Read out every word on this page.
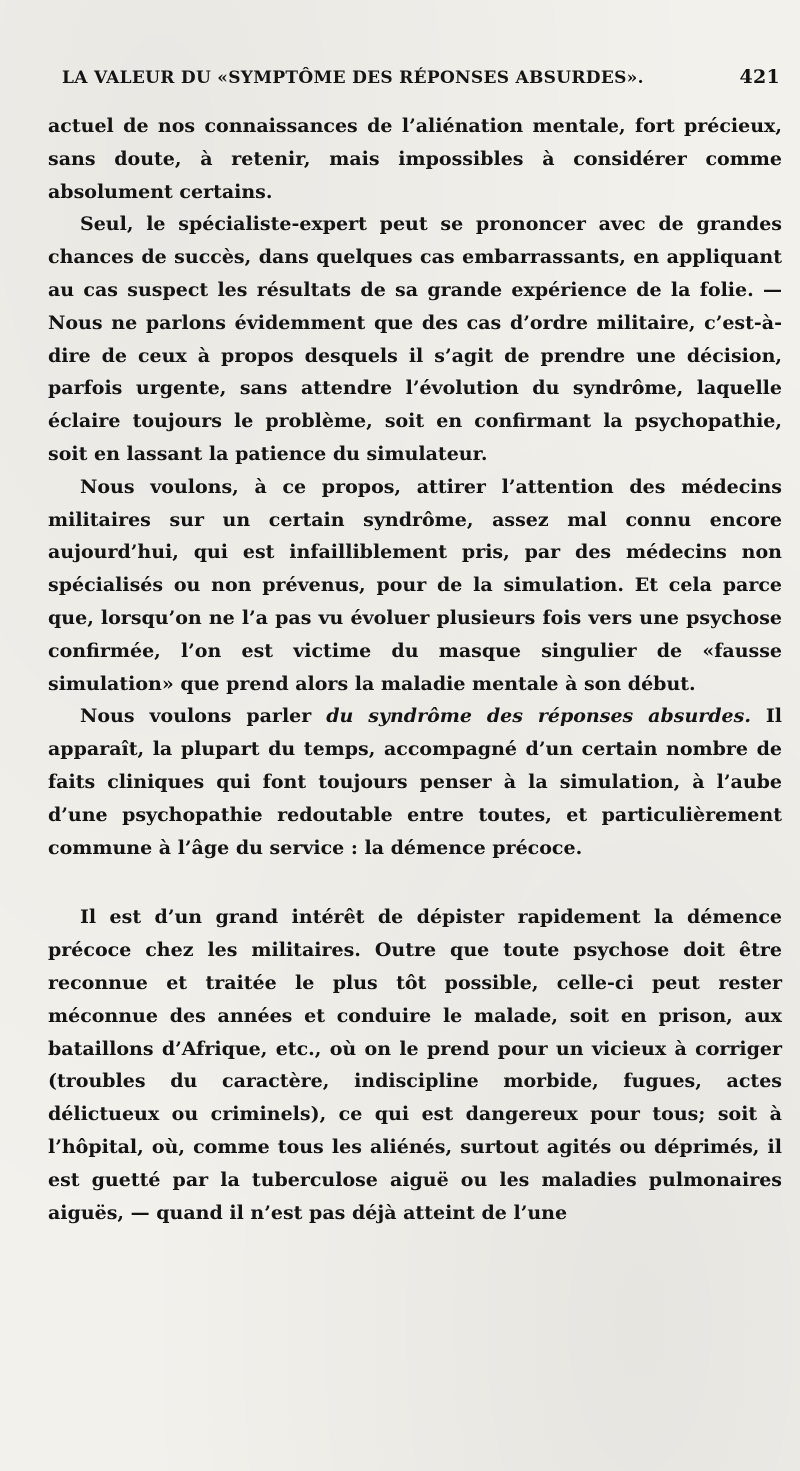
LA VALEUR DU «SYMPTÔME DES RÉPONSES ABSURDES».	421

actuel de nos connaissances de l’aliénation mentale, fort précieux, sans doute, à retenir, mais impossibles à considérer comme absolument certains.

Seul, le spécialiste-expert peut se prononcer avec de grandes chances de succès, dans quelques cas embarrassants, en appliquant au cas suspect les résultats de sa grande expérience de la folie. — Nous ne parlons évidemment que des cas d’ordre militaire, c’est-à-dire de ceux à propos desquels il s’agit de prendre une décision, parfois urgente, sans attendre l’évolution du syndrôme, laquelle éclaire toujours le problème, soit en confirmant la psychopathie, soit en lassant la patience du simulateur.

Nous voulons, à ce propos, attirer l’attention des médecins militaires sur un certain syndrôme, assez mal connu encore aujourd’hui, qui est infailliblement pris, par des médecins non spécialisés ou non prévenus, pour de la simulation. Et cela parce que, lorsqu’on ne l’a pas vu évoluer plusieurs fois vers une psychose confirmée, l’on est victime du masque singulier de «fausse simulation» que prend alors la maladie mentale à son début.

Nous voulons parler du syndrôme des réponses absurdes. Il apparaît, la plupart du temps, accompagné d’un certain nombre de faits cliniques qui font toujours penser à la simulation, à l’aube d’une psychopathie redoutable entre toutes, et particulièrement commune à l’âge du service : la démence précoce.

Il est d’un grand intérêt de dépister rapidement la démence précoce chez les militaires. Outre que toute psychose doit être reconnue et traitée le plus tôt possible, celle-ci peut rester méconnue des années et conduire le malade, soit en prison, aux bataillons d’Afrique, etc., où on le prend pour un vicieux à corriger (troubles du caractère, indiscipline morbide, fugues, actes délictueux ou criminels), ce qui est dangereux pour tous; soit à l’hôpital, où, comme tous les aliénés, surtout agités ou déprimés, il est guetté par la tuberculose aiguë ou les maladies pulmonaires aiguës, — quand il n’est pas déjà atteint de l’une
